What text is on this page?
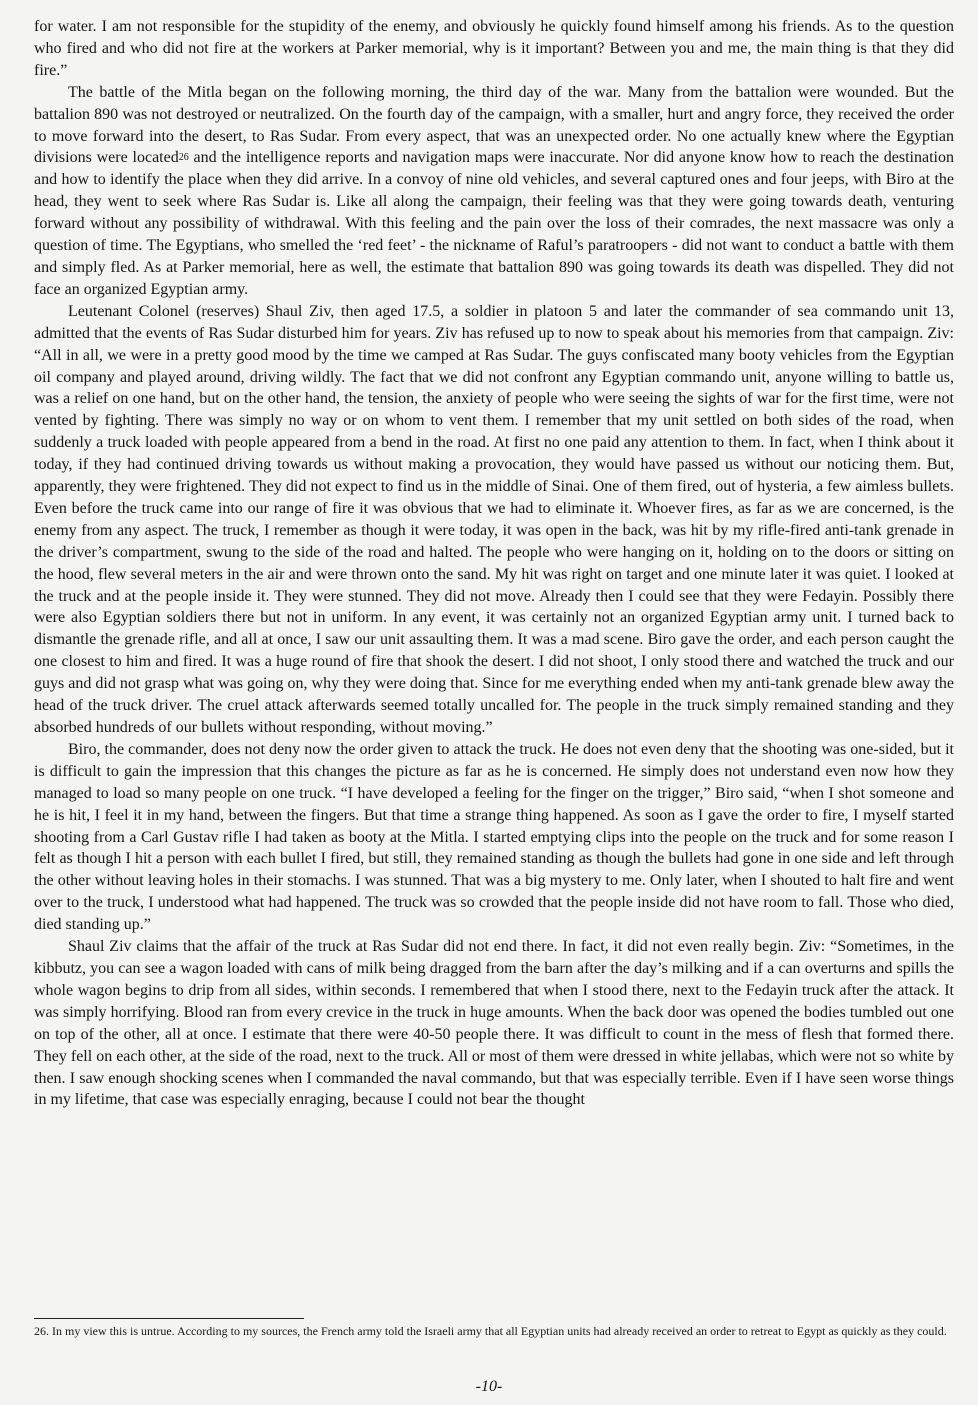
for water. I am not responsible for the stupidity of the enemy, and obviously he quickly found himself among his friends. As to the question who fired and who did not fire at the workers at Parker memorial, why is it important? Between you and me, the main thing is that they did fire.”

The battle of the Mitla began on the following morning, the third day of the war. Many from the battalion were wounded. But the battalion 890 was not destroyed or neutralized. On the fourth day of the campaign, with a smaller, hurt and angry force, they received the order to move forward into the desert, to Ras Sudar. From every aspect, that was an unexpected order. No one actually knew where the Egyptian divisions were located$^{26}$ and the intelligence reports and navigation maps were inaccurate. Nor did anyone know how to reach the destination and how to identify the place when they did arrive. In a convoy of nine old vehicles, and several captured ones and four jeeps, with Biro at the head, they went to seek where Ras Sudar is. Like all along the campaign, their feeling was that they were going towards death, venturing forward without any possibility of withdrawal. With this feeling and the pain over the loss of their comrades, the next massacre was only a question of time. The Egyptians, who smelled the ‘red feet’ - the nickname of Raful’s paratroopers - did not want to conduct a battle with them and simply fled. As at Parker memorial, here as well, the estimate that battalion 890 was going towards its death was dispelled. They did not face an organized Egyptian army.

Leutenant Colonel (reserves) Shaul Ziv, then aged 17.5, a soldier in platoon 5 and later the commander of sea commando unit 13, admitted that the events of Ras Sudar disturbed him for years. Ziv has refused up to now to speak about his memories from that campaign. Ziv: “All in all, we were in a pretty good mood by the time we camped at Ras Sudar. The guys confiscated many booty vehicles from the Egyptian oil company and played around, driving wildly. The fact that we did not confront any Egyptian commando unit, anyone willing to battle us, was a relief on one hand, but on the other hand, the tension, the anxiety of people who were seeing the sights of war for the first time, were not vented by fighting. There was simply no way or on whom to vent them. I remember that my unit settled on both sides of the road, when suddenly a truck loaded with people appeared from a bend in the road. At first no one paid any attention to them. In fact, when I think about it today, if they had continued driving towards us without making a provocation, they would have passed us without our noticing them. But, apparently, they were frightened. They did not expect to find us in the middle of Sinai. One of them fired, out of hysteria, a few aimless bullets. Even before the truck came into our range of fire it was obvious that we had to eliminate it. Whoever fires, as far as we are concerned, is the enemy from any aspect. The truck, I remember as though it were today, it was open in the back, was hit by my rifle-fired anti-tank grenade in the driver’s compartment, swung to the side of the road and halted. The people who were hanging on it, holding on to the doors or sitting on the hood, flew several meters in the air and were thrown onto the sand. My hit was right on target and one minute later it was quiet. I looked at the truck and at the people inside it. They were stunned. They did not move. Already then I could see that they were Fedayin. Possibly there were also Egyptian soldiers there but not in uniform. In any event, it was certainly not an organized Egyptian army unit. I turned back to dismantle the grenade rifle, and all at once, I saw our unit assaulting them. It was a mad scene. Biro gave the order, and each person caught the one closest to him and fired. It was a huge round of fire that shook the desert. I did not shoot, I only stood there and watched the truck and our guys and did not grasp what was going on, why they were doing that. Since for me everything ended when my anti-tank grenade blew away the head of the truck driver. The cruel attack afterwards seemed totally uncalled for. The people in the truck simply remained standing and they absorbed hundreds of our bullets without responding, without moving.”

Biro, the commander, does not deny now the order given to attack the truck. He does not even deny that the shooting was one-sided, but it is difficult to gain the impression that this changes the picture as far as he is concerned. He simply does not understand even now how they managed to load so many people on one truck. “I have developed a feeling for the finger on the trigger,” Biro said, “when I shot someone and he is hit, I feel it in my hand, between the fingers. But that time a strange thing happened. As soon as I gave the order to fire, I myself started shooting from a Carl Gustav rifle I had taken as booty at the Mitla. I started emptying clips into the people on the truck and for some reason I felt as though I hit a person with each bullet I fired, but still, they remained standing as though the bullets had gone in one side and left through the other without leaving holes in their stomachs. I was stunned. That was a big mystery to me. Only later, when I shouted to halt fire and went over to the truck, I understood what had happened. The truck was so crowded that the people inside did not have room to fall. Those who died, died standing up.”

Shaul Ziv claims that the affair of the truck at Ras Sudar did not end there. In fact, it did not even really begin. Ziv: “Sometimes, in the kibbutz, you can see a wagon loaded with cans of milk being dragged from the barn after the day’s milking and if a can overturns and spills the whole wagon begins to drip from all sides, within seconds. I remembered that when I stood there, next to the Fedayin truck after the attack. It was simply horrifying. Blood ran from every crevice in the truck in huge amounts. When the back door was opened the bodies tumbled out one on top of the other, all at once. I estimate that there were 40-50 people there. It was difficult to count in the mess of flesh that formed there. They fell on each other, at the side of the road, next to the truck. All or most of them were dressed in white jellabas, which were not so white by then. I saw enough shocking scenes when I commanded the naval commando, but that was especially terrible. Even if I have seen worse things in my lifetime, that case was especially enraging, because I could not bear the thought

26. In my view this is untrue. According to my sources, the French army told the Israeli army that all Egyptian units had already received an order to retreat to Egypt as quickly as they could.

-10-
